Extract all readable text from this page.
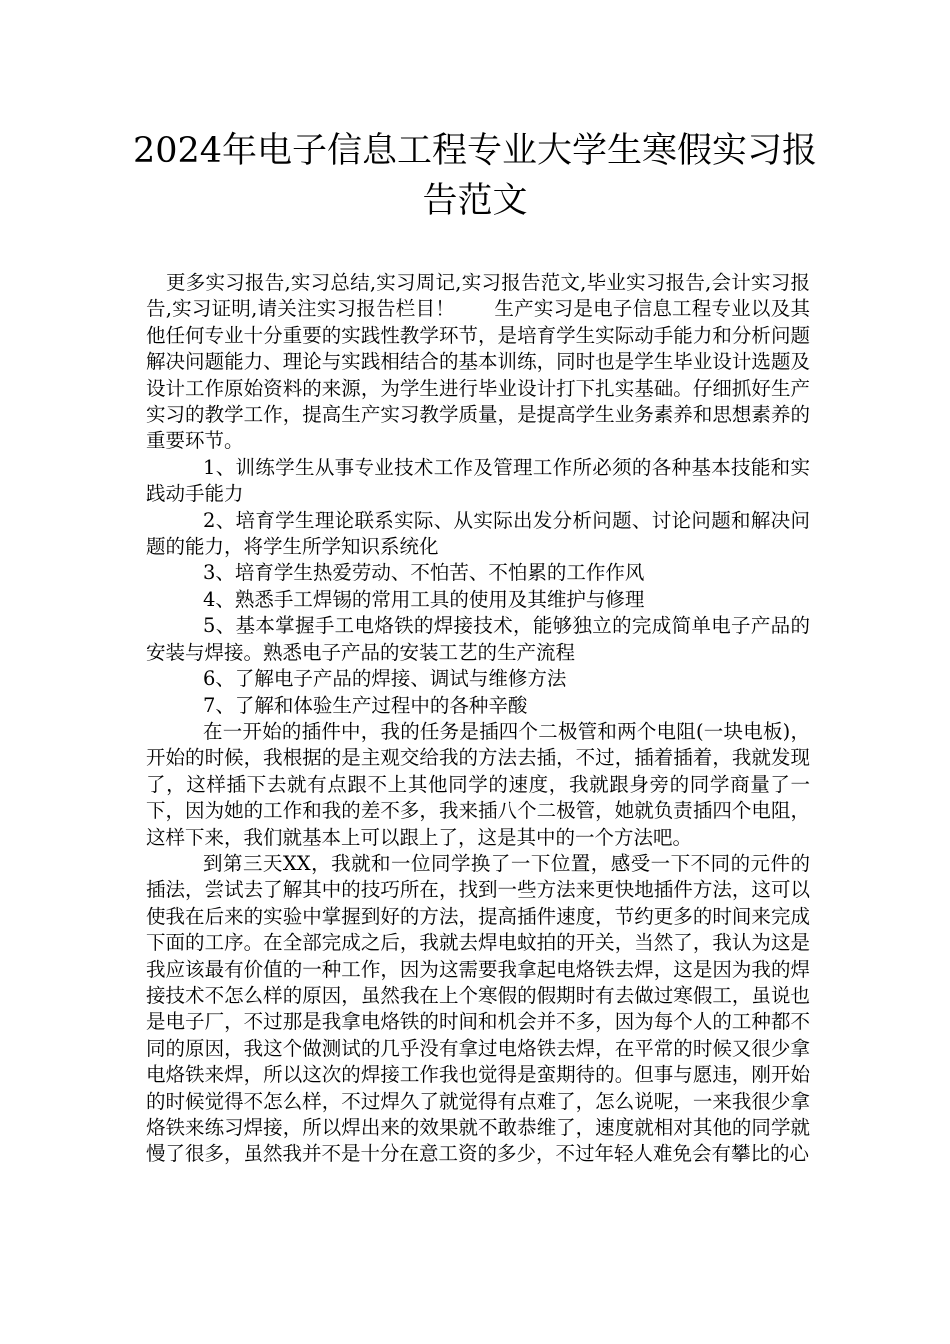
2024年电子信息工程专业大学生寒假实习报告范文

更多实习报告,实习总结,实习周记,实习报告范文,毕业实习报告,会计实习报告,实习证明,请关注实习报告栏目！　　生产实习是电子信息工程专业以及其他任何专业十分重要的实践性教学环节，是培育学生实际动手能力和分析问题解决问题能力、理论与实践相结合的基本训练，同时也是学生毕业设计选题及设计工作原始资料的来源，为学生进行毕业设计打下扎实基础。仔细抓好生产实习的教学工作，提高生产实习教学质量，是提高学生业务素养和思想素养的重要环节。

1、训练学生从事专业技术工作及管理工作所必须的各种基本技能和实践动手能力

2、培育学生理论联系实际、从实际出发分析问题、讨论问题和解决问题的能力，将学生所学知识系统化

3、培育学生热爱劳动、不怕苦、不怕累的工作作风

4、熟悉手工焊锡的常用工具的使用及其维护与修理

5、基本掌握手工电烙铁的焊接技术，能够独立的完成简单电子产品的安装与焊接。熟悉电子产品的安装工艺的生产流程

6、了解电子产品的焊接、调试与维修方法

7、了解和体验生产过程中的各种辛酸

在一开始的插件中，我的任务是插四个二极管和两个电阻(一块电板)，开始的时候，我根据的是主观交给我的方法去插，不过，插着插着，我就发现了，这样插下去就有点跟不上其他同学的速度，我就跟身旁的同学商量了一下，因为她的工作和我的差不多，我来插八个二极管，她就负责插四个电阻，这样下来，我们就基本上可以跟上了，这是其中的一个方法吧。

到第三天XX，我就和一位同学换了一下位置，感受一下不同的元件的插法，尝试去了解其中的技巧所在，找到一些方法来更快地插件方法，这可以使我在后来的实验中掌握到好的方法，提高插件速度，节约更多的时间来完成下面的工序。在全部完成之后，我就去焊电蚊拍的开关，当然了，我认为这是我应该最有价值的一种工作，因为这需要我拿起电烙铁去焊，这是因为我的焊接技术不怎么样的原因，虽然我在上个寒假的假期时有去做过寒假工，虽说也是电子厂，不过那是我拿电烙铁的时间和机会并不多，因为每个人的工种都不同的原因，我这个做测试的几乎没有拿过电烙铁去焊，在平常的时候又很少拿电烙铁来焊，所以这次的焊接工作我也觉得是蛮期待的。但事与愿违，刚开始的时候觉得不怎么样，不过焊久了就觉得有点难了，怎么说呢，一来我很少拿烙铁来练习焊接，所以焊出来的效果就不敢恭维了，速度就相对其他的同学就慢了很多，虽然我并不是十分在意工资的多少，不过年轻人难免会有攀比的心
